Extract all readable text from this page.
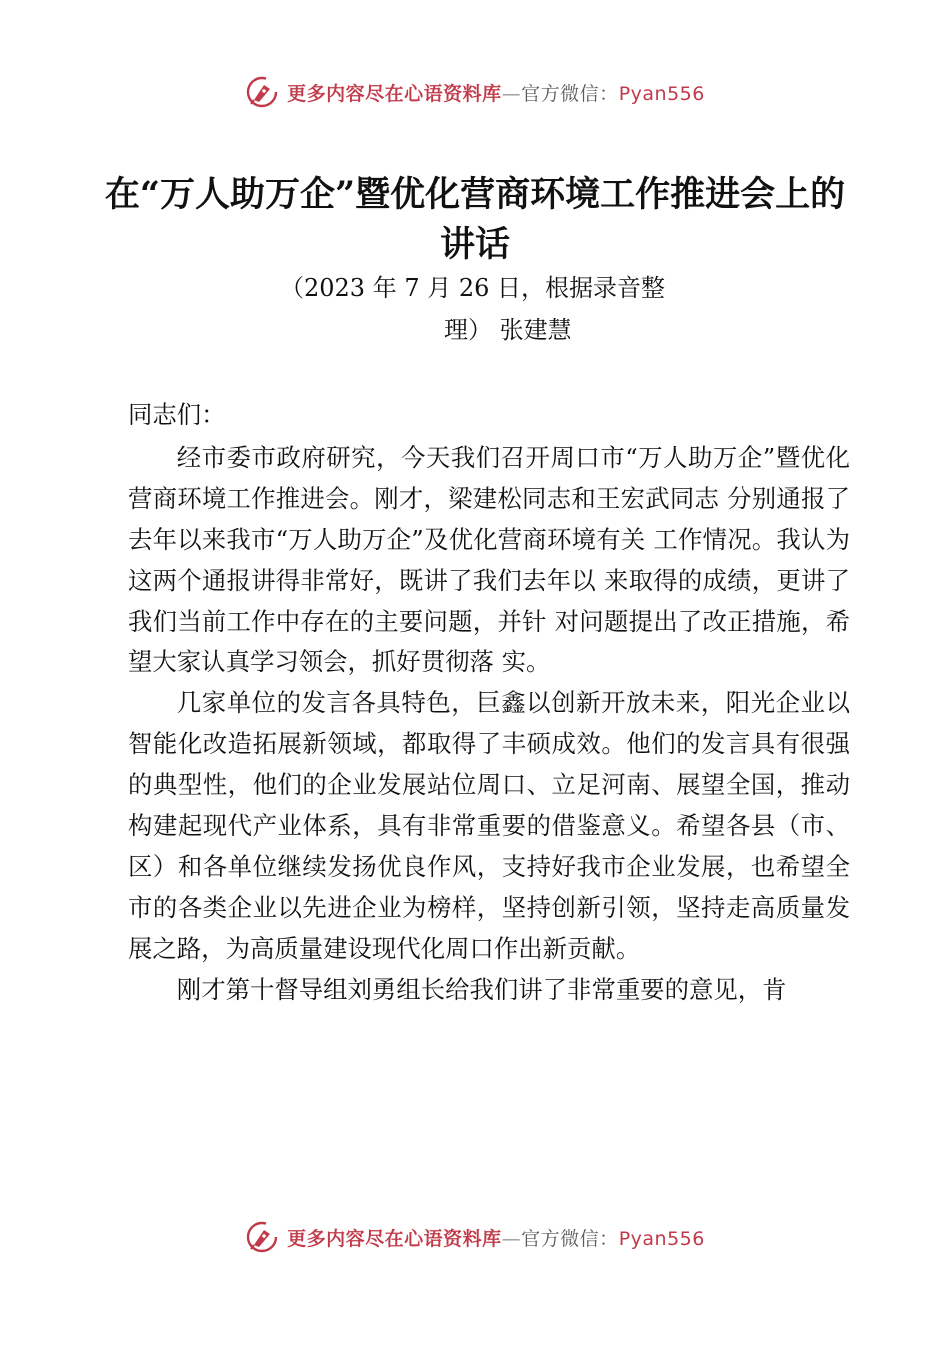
更多内容尽在心语资料库—官方微信：Pyan556
在“万人助万企”暨优化营商环境工作推进会上的讲话
（2023 年 7 月 26 日，根据录音整
理） 张建慧

同志们：

经市委市政府研究，今天我们召开周口市“万人助万企”暨优化营商环境工作推进会。刚才，梁建松同志和王宏武同志 分别通报了去年以来我市“万人助万企”及优化营商环境有关 工作情况。我认为这两个通报讲得非常好，既讲了我们去年以 来取得的成绩，更讲了我们当前工作中存在的主要问题，并针 对问题提出了改正措施，希望大家认真学习领会，抓好贯彻落 实。

几家单位的发言各具特色，巨鑫以创新开放未来，阳光企业以智能化改造拓展新领域，都取得了丰硕成效。他们的发言具有很强的典型性，他们的企业发展站位周口、立足河南、展望全国，推动构建起现代产业体系，具有非常重要的借鉴意义。希望各县（市、区）和各单位继续发扬优良作风，支持好我市企业发展，也希望全市的各类企业以先进企业为榜样，坚持创新引领，坚持走高质量发展之路，为高质量建设现代化周口作出新贡献。

刚才第十督导组刘勇组长给我们讲了非常重要的意见，肯

更多内容尽在心语资料库—官方微信：Pyan556
